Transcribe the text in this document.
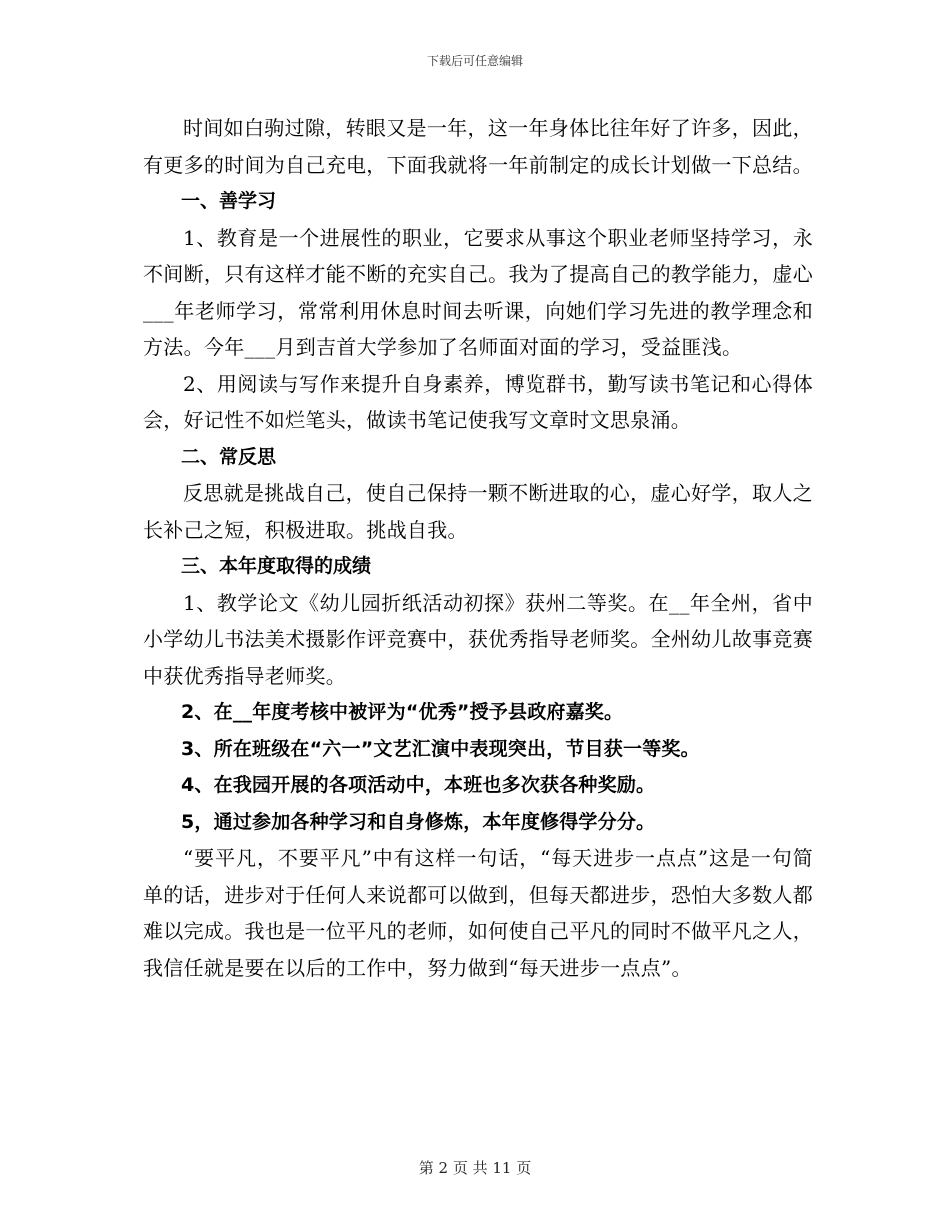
下载后可任意编辑

时间如白驹过隙，转眼又是一年，这一年身体比往年好了许多，因此，有更多的时间为自己充电，下面我就将一年前制定的成长计划做一下总结。

一、善学习

1、教育是一个进展性的职业，它要求从事这个职业老师坚持学习，永不间断，只有这样才能不断的充实自己。我为了提高自己的教学能力，虚心___年老师学习，常常利用休息时间去听课，向她们学习先进的教学理念和方法。今年___月到吉首大学参加了名师面对面的学习，受益匪浅。

2、用阅读与写作来提升自身素养，博览群书，勤写读书笔记和心得体会，好记性不如烂笔头，做读书笔记使我写文章时文思泉涌。

二、常反思

反思就是挑战自己，使自己保持一颗不断进取的心，虚心好学，取人之长补己之短，积极进取。挑战自我。

三、本年度取得的成绩

1、教学论文《幼儿园折纸活动初探》获州二等奖。在__年全州，省中小学幼儿书法美术摄影作评竞赛中，获优秀指导老师奖。全州幼儿故事竞赛中获优秀指导老师奖。

2、在__年度考核中被评为“优秀”授予县政府嘉奖。

3、所在班级在“六一”文艺汇演中表现突出，节目获一等奖。

4、在我园开展的各项活动中，本班也多次获各种奖励。

5，通过参加各种学习和自身修炼，本年度修得学分分。

“要平凡，不要平凡”中有这样一句话，“每天进步一点点”这是一句简单的话，进步对于任何人来说都可以做到，但每天都进步，恐怕大多数人都难以完成。我也是一位平凡的老师，如何使自己平凡的同时不做平凡之人，我信任就是要在以后的工作中，努力做到“每天进步一点点”。

第 2 页 共 11 页
